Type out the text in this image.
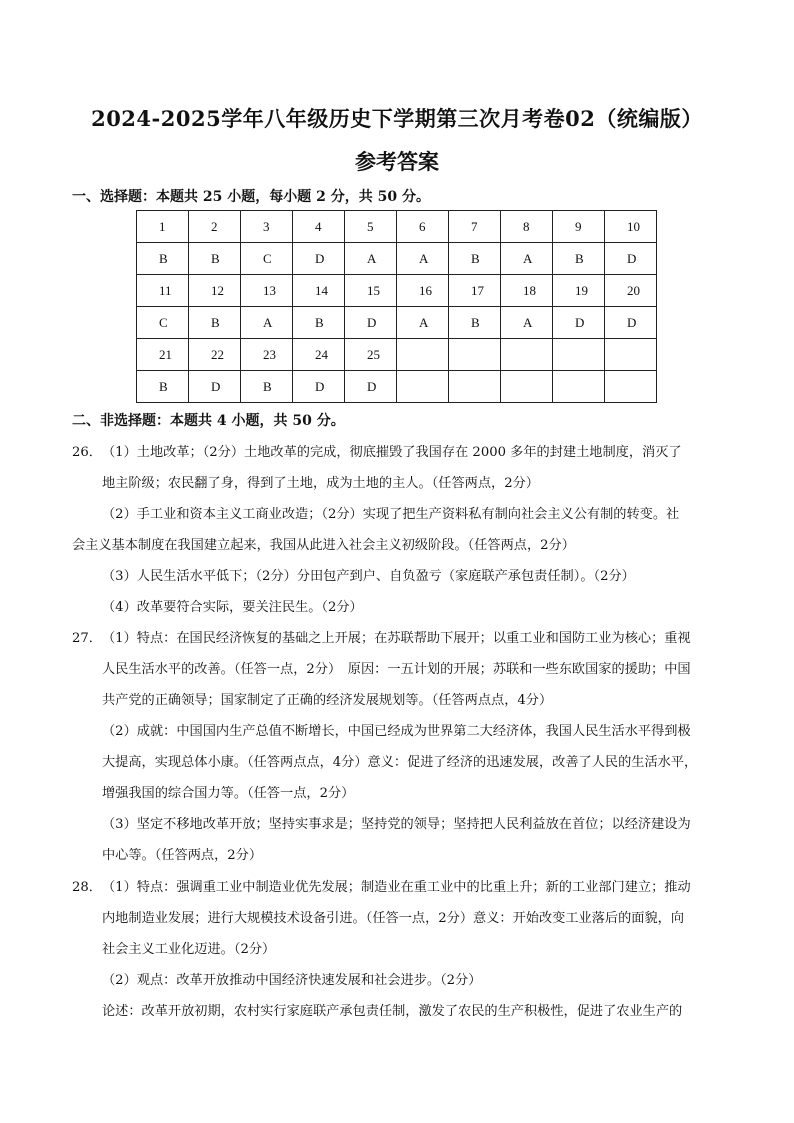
2024-2025学年八年级历史下学期第三次月考卷02（统编版）
参考答案
一、选择题：本题共 25 小题，每小题 2 分，共 50 分。
1	2	3	4	5	6	7	8	9	10
B	B	C	D	A	A	B	A	B	D
11	12	13	14	15	16	17	18	19	20
C	B	A	B	D	A	B	A	D	D
21	22	23	24	25					
B	D	B	D	D					
二、非选择题：本题共 4 小题，共 50 分。
26．（1）土地改革；（2分）土地改革的完成，彻底摧毁了我国存在 2000 多年的封建土地制度，消灭了
地主阶级；农民翻了身，得到了土地，成为土地的主人。（任答两点，2分）
（2）手工业和资本主义工商业改造；（2分）实现了把生产资料私有制向社会主义公有制的转变。社
会主义基本制度在我国建立起来，我国从此进入社会主义初级阶段。（任答两点，2分）
（3）人民生活水平低下；（2分）分田包产到户、自负盈亏（家庭联产承包责任制）。（2分）
（4）改革要符合实际，要关注民生。（2分）
27．（1）特点：在国民经济恢复的基础之上开展；在苏联帮助下展开；以重工业和国防工业为核心；重视
人民生活水平的改善。（任答一点，2分）　原因：一五计划的开展；苏联和一些东欧国家的援助；中国
共产党的正确领导；国家制定了正确的经济发展规划等。（任答两点点，4分）
（2）成就：中国国内生产总值不断增长，中国已经成为世界第二大经济体，我国人民生活水平得到极
大提高，实现总体小康。（任答两点点，4分）意义：促进了经济的迅速发展，改善了人民的生活水平，
增强我国的综合国力等。（任答一点，2分）
（3）坚定不移地改革开放；坚持实事求是；坚持党的领导；坚持把人民利益放在首位；以经济建设为
中心等。（任答两点，2分）
28．（1）特点：强调重工业中制造业优先发展；制造业在重工业中的比重上升；新的工业部门建立；推动
内地制造业发展；进行大规模技术设备引进。（任答一点，2分）意义：开始改变工业落后的面貌，向
社会主义工业化迈进。（2分）
（2）观点：改革开放推动中国经济快速发展和社会进步。（2分）
论述：改革开放初期，农村实行家庭联产承包责任制，激发了农民的生产积极性，促进了农业生产的
